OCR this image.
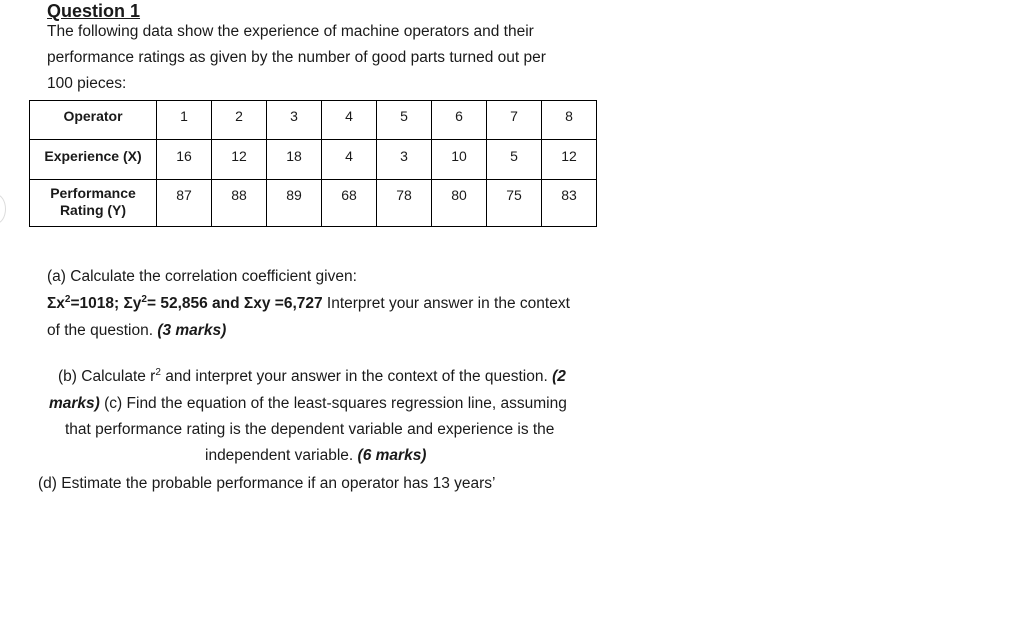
Question 1
The following data show the experience of machine operators and their
performance ratings as given by the number of good parts turned out per
100 pieces:
Operator	1	2	3	4	5	6	7	8
Experience (X)	16	12	18	4	3	10	5	12

Performance
Rating (Y)	87	88	89	68	78	80	75	83
(a) Calculate the correlation coefficient given:
$\Sigma x^2=1018$; $\Sigma y^2= 52,856$ and Σxy =6,727 Interpret your answer in the context
of the question. (3 marks)
(b) Calculate $r^2$ and interpret your answer in the context of the question. (2
marks) (c) Find the equation of the least-squares regression line, assuming
that performance rating is the dependent variable and experience is the
independent variable. (6 marks)
(d) Estimate the probable performance if an operator has 13 years’
